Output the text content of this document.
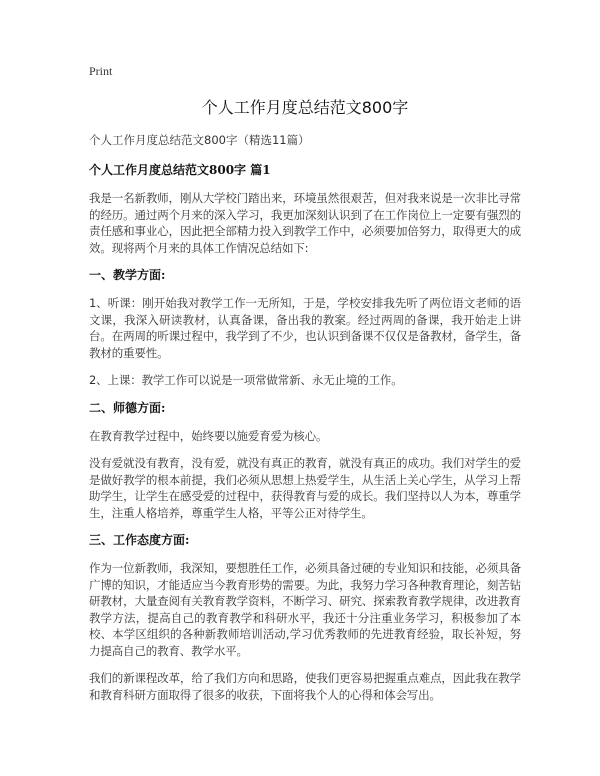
Print
个人工作月度总结范文800字
个人工作月度总结范文800字（精选11篇）
个人工作月度总结范文800字 篇1
我是一名新教师，刚从大学校门踏出来，环境虽然很艰苦，但对我来说是一次非比寻常的经历。通过两个月来的深入学习，我更加深刻认识到了在工作岗位上一定要有强烈的责任感和事业心，因此把全部精力投入到教学工作中，必须要加倍努力，取得更大的成效。现将两个月来的具体工作情况总结如下:
一、教学方面:
1、听课：刚开始我对教学工作一无所知，于是，学校安排我先听了两位语文老师的语文课，我深入研读教材，认真备课，备出我的教案。经过两周的备课，我开始走上讲台。在两周的听课过程中，我学到了不少，也认识到备课不仅仅是备教材，备学生，备教材的重要性。
2、上课：教学工作可以说是一项常做常新、永无止境的工作。
二、师德方面:
在教育教学过程中，始终要以施爱育爱为核心。
没有爱就没有教育，没有爱，就没有真正的教育，就没有真正的成功。我们对学生的爱是做好教学的根本前提，我们必须从思想上热爱学生，从生活上关心学生，从学习上帮助学生，让学生在感受爱的过程中，获得教育与爱的成长。我们坚持以人为本，尊重学生，注重人格培养，尊重学生人格，平等公正对待学生。
三、工作态度方面:
作为一位新教师，我深知，要想胜任工作，必须具备过硬的专业知识和技能，必须具备广博的知识，才能适应当今教育形势的需要。为此，我努力学习各种教育理论，刻苦钻研教材，大量查阅有关教育教学资料，不断学习、研究、探索教育教学规律，改进教育教学方法，提高自己的教育教学和科研水平，我还十分注重业务学习，积极参加了本校、本学区组织的各种新教师培训活动,学习优秀教师的先进教育经验，取长补短，努力提高自己的教育、教学水平。
我们的新课程改革，给了我们方向和思路，使我们更容易把握重点难点，因此我在教学和教育科研方面取得了很多的收获，下面将我个人的心得和体会写出。
